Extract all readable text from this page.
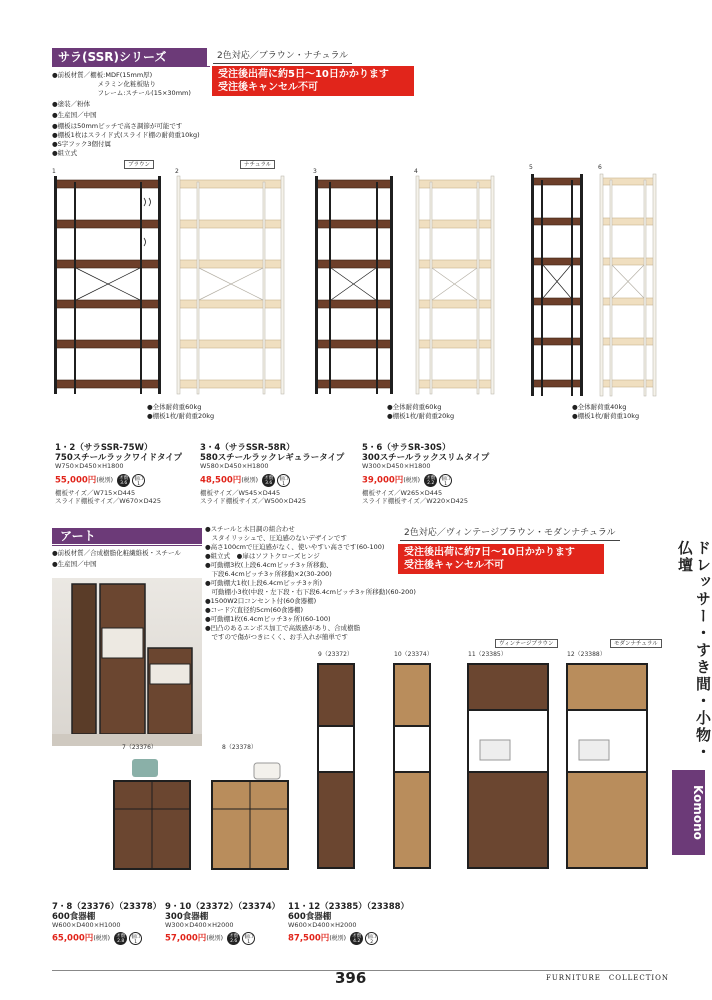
サラ(SSR)シリーズ	2色対応／ブラウン・ナチュラル
受注後出荷に約5日～10日かかります
受注後キャンセル不可
●前板材質／棚板:MDF(15mm厚)
　　　　　　　メラミン化粧板貼り
　　　　　　　フレーム:スチール(15×30mm)
●塗装／粉体
●生産国／中国
●棚板は50mmピッチで高さ調節が可能です
●棚板1枚はスライド式(スライド棚の耐荷重10kg)
●S字フック3個付属
●組立式
1
ブラウン
2
ナチュラル
3	4
5	6
●全体耐荷重60kg
●棚板1枚/耐荷重20kg
●全体耐荷重60kg
●棚板1枚/耐荷重20kg
●全体耐荷重40kg
●棚板1枚/耐荷重10kg
1・2（サラSSR-75W）
750スチールラックワイドタイプ
W750×D450×H1800
55,000円(税別) 才数 3.6個口 1
棚板サイズ／W715×D445
スライド棚板サイズ／W670×D425
3・4（サラSSR-58R）
580スチールラックレギュラータイプ
W580×D450×H1800
48,500円(税別) 才数 3.6個口 1
棚板サイズ／W545×D445
スライド棚板サイズ／W500×D425
5・6（サラSR-30S）
300スチールラックスリムタイプ
W300×D450×H1800
39,000円(税別) 才数 2.2個口 1
棚板サイズ／W265×D445
スライド棚板サイズ／W220×D425
アート
●前板材質／合成樹脂化粧繊維板・スチール
●生産国／中国
●スチールと木目調の組合わせ
　スタイリッシュで、圧迫感のないデザインです
●高さ100cmで圧迫感がなく、使いやすい高さです(60-100)
●組立式　●扉はソフトクローズヒンジ
●可動棚3枚(上段6.4cmピッチ3ヶ所移動、
　下段6.4cmピッチ3ヶ所移動×2(30-200)
●可動棚大1枚(上段6.4cmピッチ3ヶ所)
　可動棚小3枚(中段・左下段・右下段6.4cmピッチ3ヶ所移動)(60-200)
●1500W2口コンセント付(60食器棚)
●コード穴直径約5cm(60食器棚)
●可動棚1枚(6.4cmピッチ3ヶ所)(60-100)
●凹凸のあるエンボス加工で高級感があり、合成樹脂
　ですので傷がつきにくく、お手入れが簡単です
2色対応／ヴィンテージブラウン・モダンナチュラル
受注後出荷に約7日～10日かかります
受注後キャンセル不可
7（23376）	8（23378）
9（23372）	10（23374）	11（23385）	12（23388）
ヴィンテージブラウン	モダンナチュラル
7・8（23376）（23378）
600食器棚
W600×D400×H1000
65,000円(税別) 才数 2.8個口 1
9・10（23372）（23374）
300食器棚
W300×D400×H2000
57,000円(税別) 才数 2.6個口 1
11・12（23385）（23388）
600食器棚
W600×D400×H2000
87,500円(税別) 才数 4.2個口 2
ドレッサー・すき間・小物・仏壇
Komono
396	FURNITURE　COLLECTION
